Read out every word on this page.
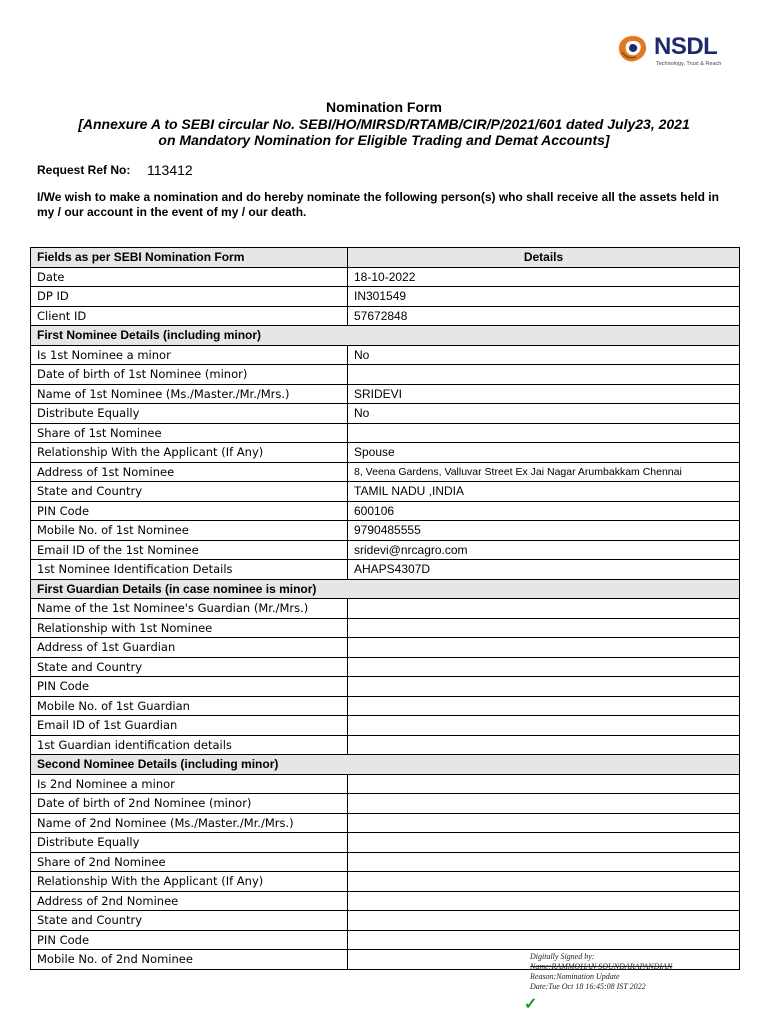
NSDL
Technology, Trust & Reach
Nomination Form
[Annexure A to SEBI circular No. SEBI/HO/MIRSD/RTAMB/CIR/P/2021/601 dated July23, 2021
on Mandatory Nomination for Eligible Trading and Demat Accounts]
Request Ref No: 113412
I/We wish to make a nomination and do hereby nominate the following person(s) who shall receive all the assets held in my / our account in the event of my / our death.
Fields as per SEBI Nomination Form	Details
Date	18-10-2022
DP ID	IN301549
Client ID	57672848
First Nominee Details (including minor)	
Is 1st Nominee a minor	No
Date of birth of 1st Nominee (minor)	
Name of 1st Nominee (Ms./Master./Mr./Mrs.)	SRIDEVI
Distribute Equally	No
Share of 1st Nominee	
Relationship With the Applicant (If Any)	Spouse
Address of 1st Nominee	8, Veena Gardens, Valluvar Street Ex Jai Nagar Arumbakkam Chennai
State and Country	TAMIL NADU ,INDIA
PIN Code	600106
Mobile No. of 1st Nominee	9790485555
Email ID of the 1st Nominee	sridevi@nrcagro.com
1st Nominee Identification Details	AHAPS4307D
First Guardian Details (in case nominee is minor)	
Name of the 1st Nominee's Guardian (Mr./Mrs.)	
Relationship with 1st Nominee	
Address of 1st Guardian	
State and Country	
PIN Code	
Mobile No. of 1st Guardian	
Email ID of 1st Guardian	
1st Guardian identification details	
Second Nominee Details (including minor)	
Is 2nd Nominee a minor	
Date of birth of 2nd Nominee (minor)	
Name of 2nd Nominee (Ms./Master./Mr./Mrs.)	
Distribute Equally	
Share of 2nd Nominee	
Relationship With the Applicant (If Any)	
Address of 2nd Nominee	
State and Country	
PIN Code	
Mobile No. of 2nd Nominee		Digitally Signed by:
Name:RAMMOHAN SOUNDARAPANDIAN
Reason:Nomination Update
Date:Tue Oct 18 16:45:08 IST 2022
✓
